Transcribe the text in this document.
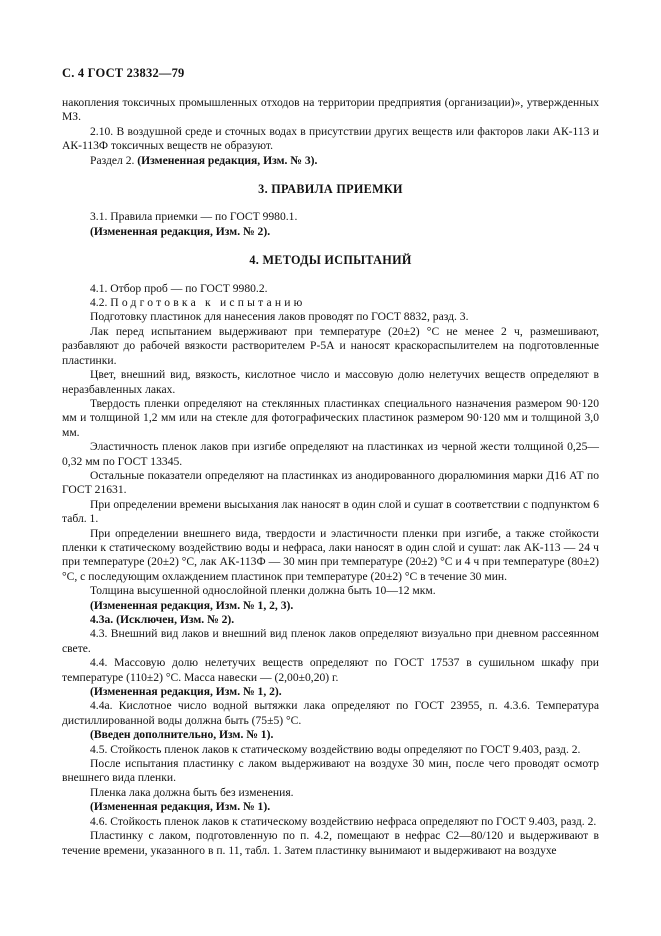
С. 4 ГОСТ 23832—79

накопления токсичных промышленных отходов на территории предприятия (организации)», утвержденных МЗ.

2.10. В воздушной среде и сточных водах в присутствии других веществ или факторов лаки АК-113 и АК-113Ф токсичных веществ не образуют.

Раздел 2. (Измененная редакция, Изм. № 3).

3. ПРАВИЛА ПРИЕМКИ

3.1. Правила приемки — по ГОСТ 9980.1.

(Измененная редакция, Изм. № 2).

4. МЕТОДЫ ИСПЫТАНИЙ

4.1. Отбор проб — по ГОСТ 9980.2.

4.2. Подготовка к испытанию

Подготовку пластинок для нанесения лаков проводят по ГОСТ 8832, разд. 3.

Лак перед испытанием выдерживают при температуре (20±2) °С не менее 2 ч, размешивают, разбавляют до рабочей вязкости растворителем Р-5А и наносят краскораспылителем на подготовленные пластинки.

Цвет, внешний вид, вязкость, кислотное число и массовую долю нелетучих веществ определяют в неразбавленных лаках.

Твердость пленки определяют на стеклянных пластинках специального назначения размером 90·120 мм и толщиной 1,2 мм или на стекле для фотографических пластинок размером 90·120 мм и толщиной 3,0 мм.

Эластичность пленок лаков при изгибе определяют на пластинках из черной жести толщиной 0,25—0,32 мм по ГОСТ 13345.

Остальные показатели определяют на пластинках из анодированного дюралюминия марки Д16 АТ по ГОСТ 21631.

При определении времени высыхания лак наносят в один слой и сушат в соответствии с подпунктом 6 табл. 1.

При определении внешнего вида, твердости и эластичности пленки при изгибе, а также стойкости пленки к статическому воздействию воды и нефраса, лаки наносят в один слой и сушат: лак АК-113 — 24 ч при температуре (20±2) °С, лак АК-113Ф — 30 мин при температуре (20±2) °С и 4 ч при температуре (80±2) °С, с последующим охлаждением пластинок при температуре (20±2) °С в течение 30 мин.

Толщина высушенной однослойной пленки должна быть 10—12 мкм.

(Измененная редакция, Изм. № 1, 2, 3).

4.3а. (Исключен, Изм. № 2).

4.3. Внешний вид лаков и внешний вид пленок лаков определяют визуально при дневном рассеянном свете.

4.4. Массовую долю нелетучих веществ определяют по ГОСТ 17537 в сушильном шкафу при температуре (110±2) °С. Масса навески — (2,00±0,20) г.

(Измененная редакция, Изм. № 1, 2).

4.4а. Кислотное число водной вытяжки лака определяют по ГОСТ 23955, п. 4.3.6. Температура дистиллированной воды должна быть (75±5) °С.

(Введен дополнительно, Изм. № 1).

4.5. Стойкость пленок лаков к статическому воздействию воды определяют по ГОСТ 9.403, разд. 2.

После испытания пластинку с лаком выдерживают на воздухе 30 мин, после чего проводят осмотр внешнего вида пленки.

Пленка лака должна быть без изменения.

(Измененная редакция, Изм. № 1).

4.6. Стойкость пленок лаков к статическому воздействию нефраса определяют по ГОСТ 9.403, разд. 2.

Пластинку с лаком, подготовленную по п. 4.2, помещают в нефрас С2—80/120 и выдерживают в течение времени, указанного в п. 11, табл. 1. Затем пластинку вынимают и выдерживают на воздухе
